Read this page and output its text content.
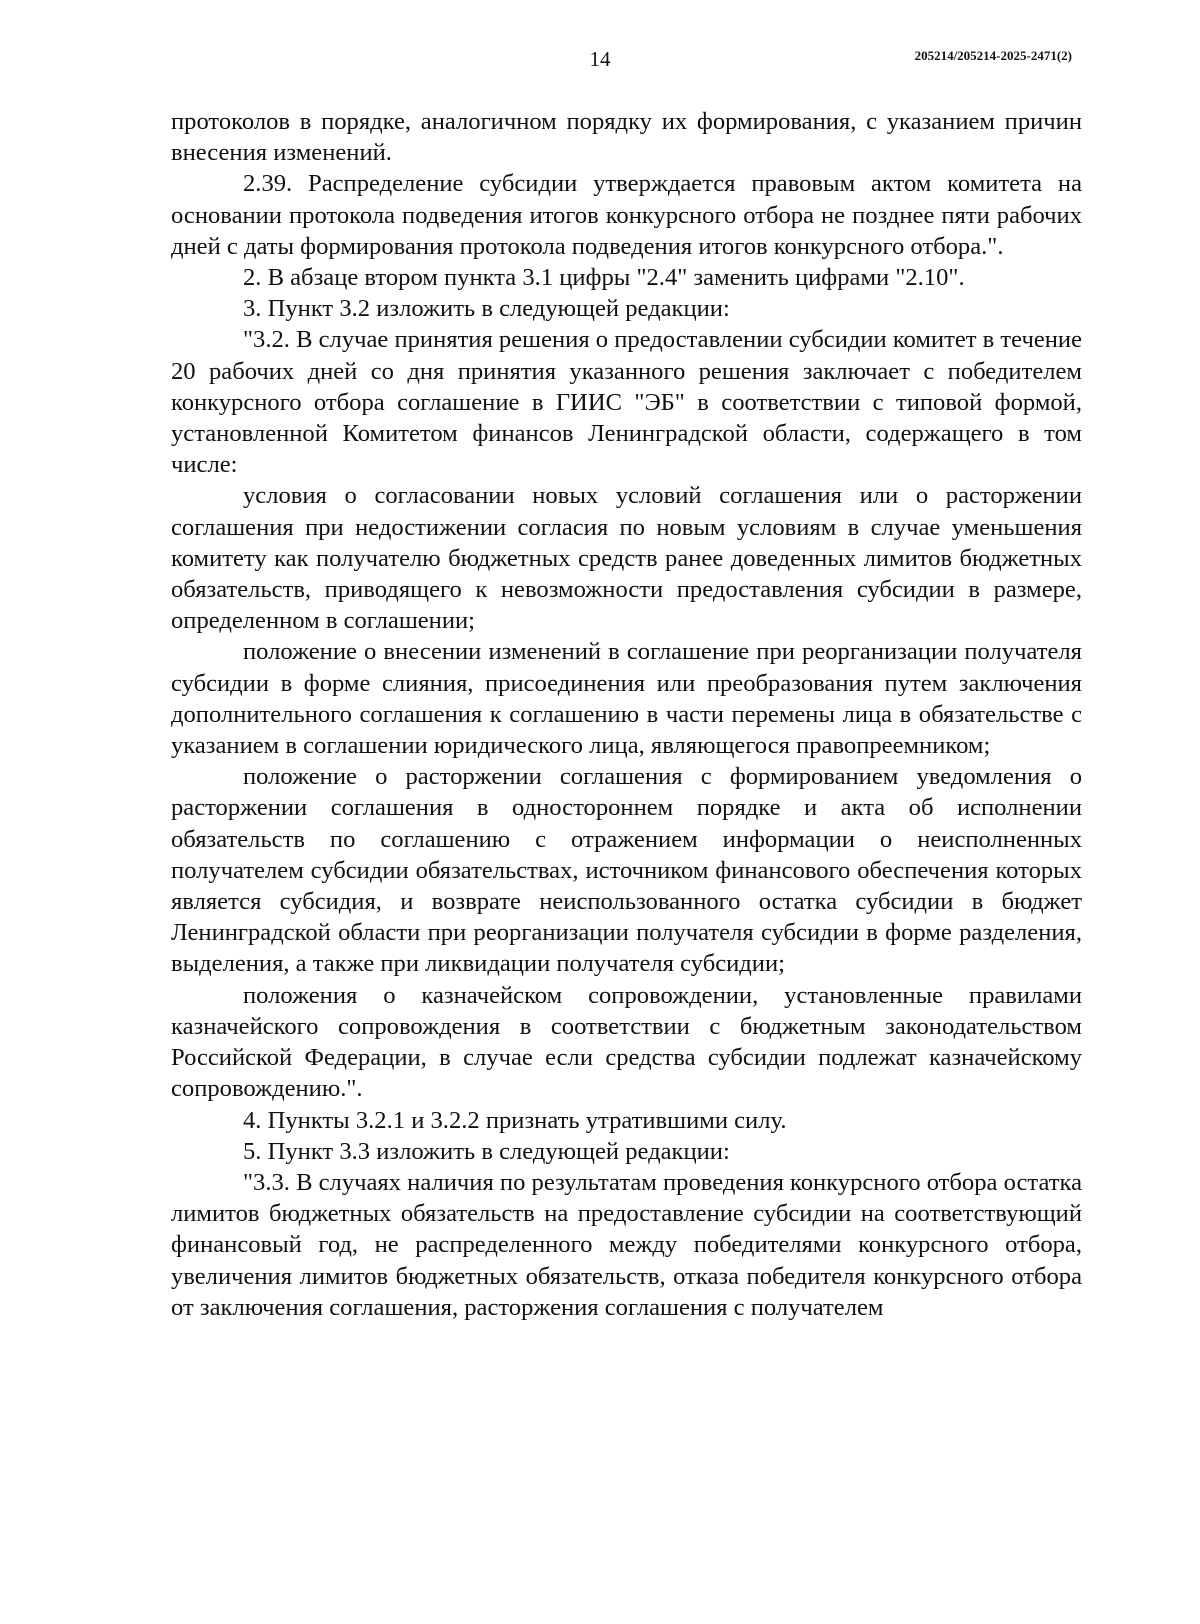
14	205214/205214-2025-2471(2)

протоколов в порядке, аналогичном порядку их формирования, с указанием причин внесения изменений.

2.39. Распределение субсидии утверждается правовым актом комитета на основании протокола подведения итогов конкурсного отбора не позднее пяти рабочих дней с даты формирования протокола подведения итогов конкурсного отбора.".

2. В абзаце втором пункта 3.1 цифры "2.4" заменить цифрами "2.10".

3. Пункт 3.2 изложить в следующей редакции:

"3.2. В случае принятия решения о предоставлении субсидии комитет в течение 20 рабочих дней со дня принятия указанного решения заключает с победителем конкурсного отбора соглашение в ГИИС "ЭБ" в соответствии с типовой формой, установленной Комитетом финансов Ленинградской области, содержащего в том числе:

условия о согласовании новых условий соглашения или о расторжении соглашения при недостижении согласия по новым условиям в случае уменьшения комитету как получателю бюджетных средств ранее доведенных лимитов бюджетных обязательств, приводящего к невозможности предоставления субсидии в размере, определенном в соглашении;

положение о внесении изменений в соглашение при реорганизации получателя субсидии в форме слияния, присоединения или преобразования путем заключения дополнительного соглашения к соглашению в части перемены лица в обязательстве с указанием в соглашении юридического лица, являющегося правопреемником;

положение о расторжении соглашения с формированием уведомления о расторжении соглашения в одностороннем порядке и акта об исполнении обязательств по соглашению с отражением информации о неисполненных получателем субсидии обязательствах, источником финансового обеспечения которых является субсидия, и возврате неиспользованного остатка субсидии в бюджет Ленинградской области при реорганизации получателя субсидии в форме разделения, выделения, а также при ликвидации получателя субсидии;

положения о казначейском сопровождении, установленные правилами казначейского сопровождения в соответствии с бюджетным законодательством Российской Федерации, в случае если средства субсидии подлежат казначейскому сопровождению.".

4. Пункты 3.2.1 и 3.2.2 признать утратившими силу.

5. Пункт 3.3 изложить в следующей редакции:

"3.3. В случаях наличия по результатам проведения конкурсного отбора остатка лимитов бюджетных обязательств на предоставление субсидии на соответствующий финансовый год, не распределенного между победителями конкурсного отбора, увеличения лимитов бюджетных обязательств, отказа победителя конкурсного отбора от заключения соглашения, расторжения соглашения с получателем
